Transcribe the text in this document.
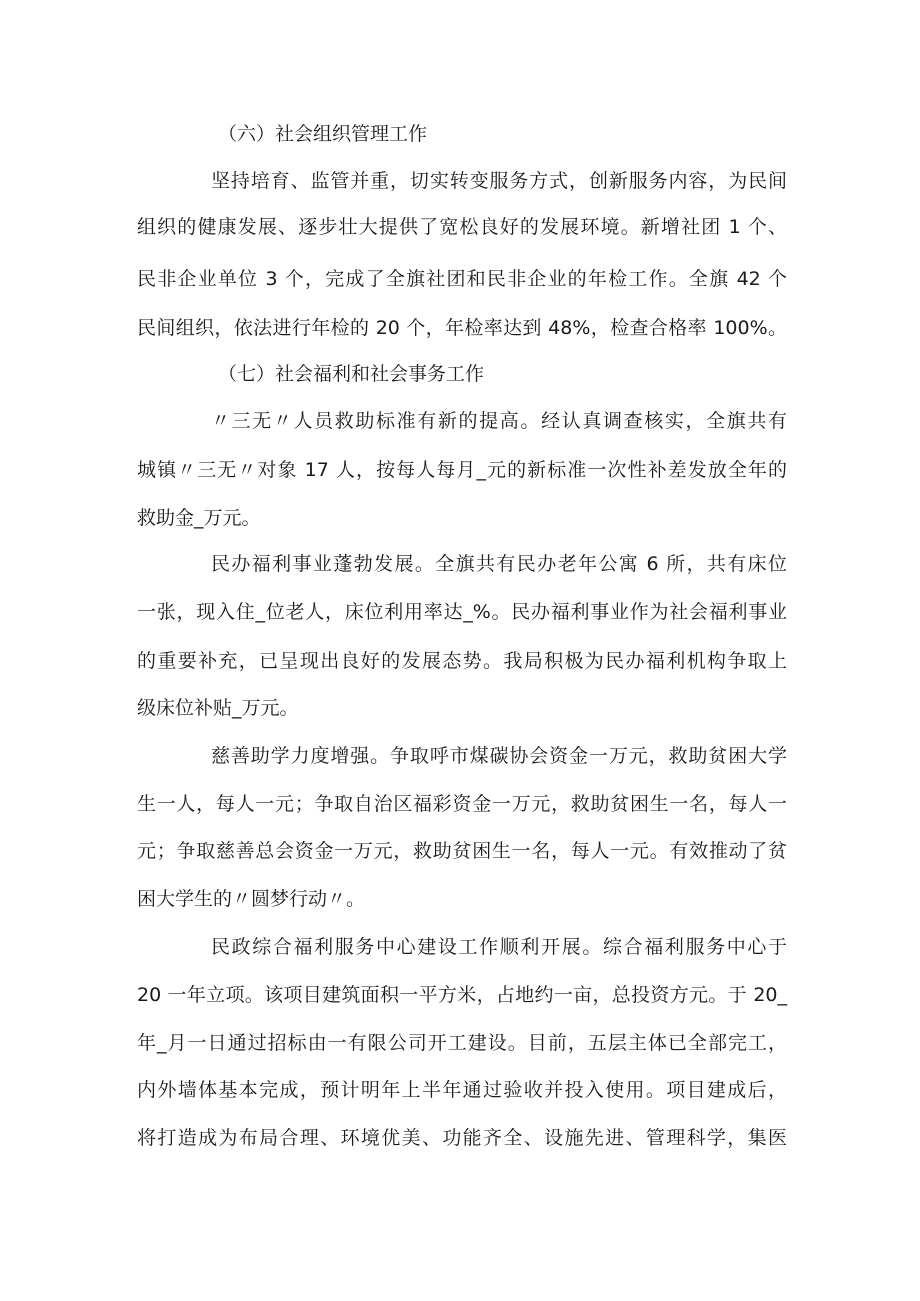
（六）社会组织管理工作
坚持培育、监管并重，切实转变服务方式，创新服务内容，为民间
组织的健康发展、逐步壮大提供了宽松良好的发展环境。新增社团 1 个、
民非企业单位 3 个，完成了全旗社团和民非企业的年检工作。全旗 42 个
民间组织，依法进行年检的 20 个，年检率达到 48%，检查合格率 100%。
（七）社会福利和社会事务工作
〃三无〃人员救助标准有新的提高。经认真调查核实，全旗共有
城镇〃三无〃对象 17 人，按每人每月_元的新标准一次性补差发放全年的
救助金_万元。
民办福利事业蓬勃发展。全旗共有民办老年公寓 6 所，共有床位
一张，现入住_位老人，床位利用率达_%。民办福利事业作为社会福利事业
的重要补充，已呈现出良好的发展态势。我局积极为民办福利机构争取上
级床位补贴_万元。
慈善助学力度增强。争取呼市煤碳协会资金一万元，救助贫困大学
生一人，每人一元；争取自治区福彩资金一万元，救助贫困生一名，每人一
元；争取慈善总会资金一万元，救助贫困生一名，每人一元。有效推动了贫
困大学生的〃圆梦行动〃。
民政综合福利服务中心建设工作顺利开展。综合福利服务中心于
20 一年立项。该项目建筑面积一平方米，占地约一亩，总投资方元。于 20_
年_月一日通过招标由一有限公司开工建设。目前，五层主体已全部完工，
内外墙体基本完成，预计明年上半年通过验收并投入使用。项目建成后，
将打造成为布局合理、环境优美、功能齐全、设施先进、管理科学，集医
